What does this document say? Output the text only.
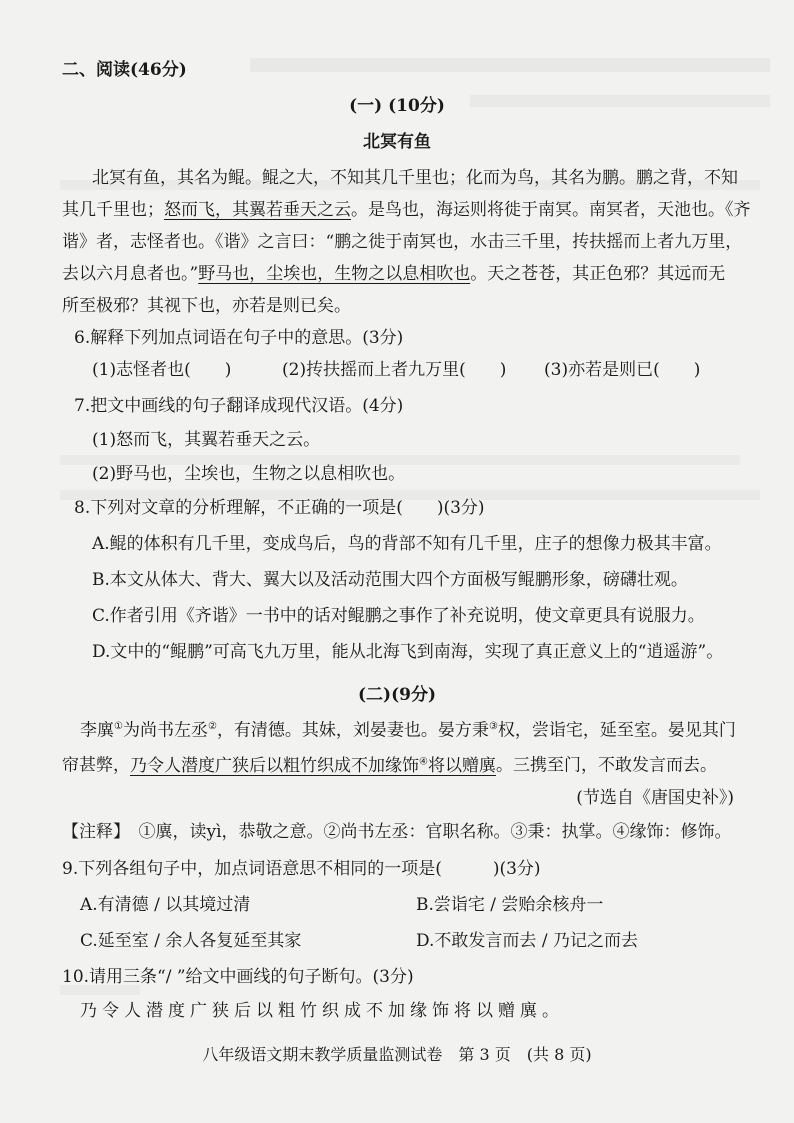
二、阅读(46分)
(一) (10分)
北冥有鱼
北冥有鱼，其名为鲲。鲲之大，不知其几千里也；化而为鸟，其名为鹏。鹏之背，不知
其几千里也；怒而飞，其翼若垂天之云。是鸟也，海运则将徙于南冥。南冥者，天池也。《齐
谐》者，志怪者也。《谐》之言曰：“鹏之徙于南冥也，水击三千里，抟扶摇而上者九万里，
去以六月息者也。”野马也，尘埃也，生物之以息相吹也。天之苍苍，其正色邪？其远而无
所至极邪？其视下也，亦若是则已矣。
6.解释下列加点词语在句子中的意思。(3分)
(1)志怪者也(　　)	(2)抟扶摇而上者九万里(　　) (3)亦若是则已(　　)
7.把文中画线的句子翻译成现代汉语。(4分)
(1)怒而飞，其翼若垂天之云。
(2)野马也，尘埃也，生物之以息相吹也。
8.下列对文章的分析理解，不正确的一项是(　　)(3分)
A.鲲的体积有几千里，变成鸟后，鸟的背部不知有几千里，庄子的想像力极其丰富。
B.本文从体大、背大、翼大以及活动范围大四个方面极写鲲鹏形象，磅礴壮观。
C.作者引用《齐谐》一书中的话对鲲鹏之事作了补充说明，使文章更具有说服力。
D.文中的“鲲鹏”可高飞九万里，能从北海飞到南海，实现了真正意义上的“逍遥游”。
(二)(9分)
李廙①为尚书左丞②，有清德。其妹，刘晏妻也。晏方秉③权，尝诣宅，延至室。晏见其门
帘甚弊，乃令人潜度广狭后以粗竹织成不加缘饰④将以赠廙。三携至门，不敢发言而去。
(节选自《唐国史补》)
【注释】　①廙，读yì，恭敬之意。②尚书左丞：官职名称。③秉：执掌。④缘饰：修饰。
9.下列各组句子中，加点词语意思不相同的一项是(　　　)(3分)
A.有清德 / 以其境过清	B.尝诣宅 / 尝贻余核舟一
C.延至室 / 余人各复延至其家	D.不敢发言而去 / 乃记之而去
10.请用三条“/ ”给文中画线的句子断句。(3分)
乃令人潜度广狭后以粗竹织成不加缘饰将以赠廙。
八年级语文期末教学质量监测试卷　第 3 页　(共 8 页)
